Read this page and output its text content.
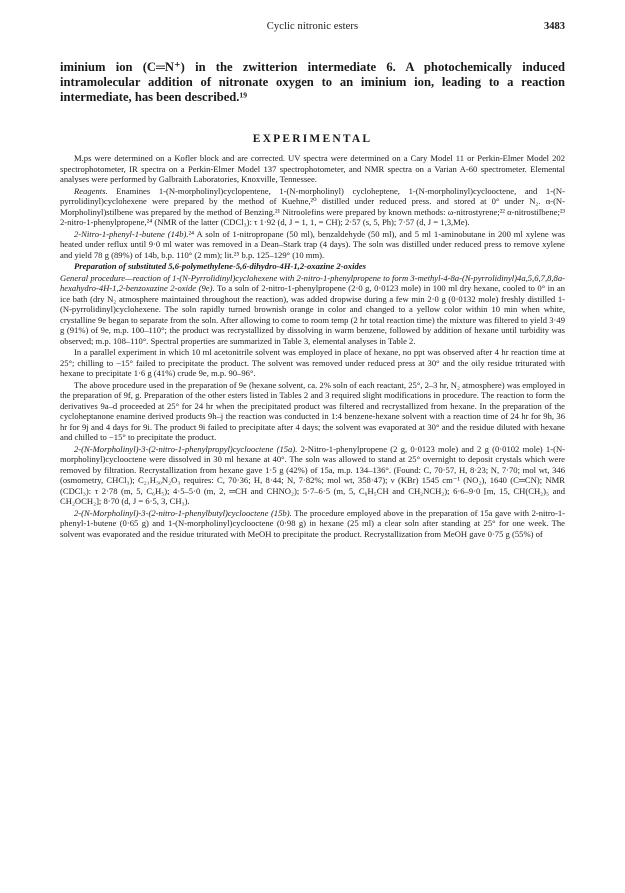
Cyclic nitronic esters	3483
iminium ion (C═N⁺) in the zwitterion intermediate 6. A photochemically induced intramolecular addition of nitronate oxygen to an iminium ion, leading to a reaction intermediate, has been described.¹⁹
EXPERIMENTAL

M.ps were determined on a Kofler block and are corrected. UV spectra were determined on a Cary Model 11 or Perkin-Elmer Model 202 spectrophotometer, IR spectra on a Perkin-Elmer Model 137 spectrophotometer, and NMR spectra on a Varian A-60 spectrometer. Elemental analyses were performed by Galbraith Laboratories, Knoxville, Tennessee.

Reagents. Enamines 1-(N-morpholinyl)cyclopentene, 1-(N-morpholinyl) cycloheptene, 1-(N-morpholinyl)cyclooctene, and 1-(N-pyrrolidinyl)cyclohexene were prepared by the method of Kuehne,²⁰ distilled under reduced press. and stored at 0° under N₂. α-(N-Morpholinyl)stilbene was prepared by the method of Benzing.²¹ Nitroolefins were prepared by known methods: ω-nitrostyrene;²² α-nitrostilbene;²³ 2-nitro-1-phenylpropene,²⁴ (NMR of the latter (CDCl₃): τ 1·92 (d, J = 1, 1, = CH); 2·57 (s, 5, Ph); 7·57 (d, J = 1,3,Me).

2-Nitro-1-phenyl-1-butene (14b).²⁴ A soln of 1-nitropropane (50 ml), benzaldehyde (50 ml), and 5 ml 1-aminobutane in 200 ml xylene was heated under reflux until 9·0 ml water was removed in a Dean–Stark trap (4 days). The soln was distilled under reduced press to remove xylene and yield 78 g (89%) of 14b, b.p. 110° (2 mm); lit.²⁵ b.p. 125–129° (10 mm).

Preparation of substituted 5,6-polymethylene-5,6-dihydro-4H-1,2-oxazine 2-oxides

General procedure—reaction of 1-(N-Pyrrolidinyl)cyclohexene with 2-nitro-1-phenylpropene to form 3-methyl-4-8a-(N-pyrrolidinyl)4a,5,6,7,8,8a-hexahydro-4H-1,2-benzoxazine 2-oxide (9e). To a soln of 2-nitro-1-phenylpropene (2·0 g, 0·0123 mole) in 100 ml dry hexane, cooled to 0° in an ice bath (dry N₂ atmosphere maintained throughout the reaction), was added dropwise during a few min 2·0 g (0·0132 mole) freshly distilled 1-(N-pyrrolidinyl)cyclohexene. The soln rapidly turned brownish orange in color and changed to a yellow color within 10 min when white, crystalline 9e began to separate from the soln. After allowing to come to room temp (2 hr total reaction time) the mixture was filtered to yield 3·49 g (91%) of 9e, m.p. 100–110°; the product was recrystallized by dissolving in warm benzene, followed by addition of hexane until turbidity was observed; m.p. 108–110°. Spectral properties are summarized in Table 3, elemental analyses in Table 2.

In a parallel experiment in which 10 ml acetonitrile solvent was employed in place of hexane, no ppt was observed after 4 hr reaction time at 25°; chilling to −15° failed to precipitate the product. The solvent was removed under reduced press at 30° and the oily residue triturated with hexane to precipitate 1·6 g (41%) crude 9e, m.p. 90–96°.

The above procedure used in the preparation of 9e (hexane solvent, ca. 2% soln of each reactant, 25°, 2–3 hr, N₂ atmosphere) was employed in the preparation of 9f, g. Preparation of the other esters listed in Tables 2 and 3 required slight modifications in procedure. The reaction to form the derivatives 9a–d proceeded at 25° for 24 hr when the precipitated product was filtered and recrystallized from hexane. In the preparation of the cycloheptanone enamine derived products 9h–j the reaction was conducted in 1:4 benzene-hexane solvent with a reaction time of 24 hr for 9h, 36 hr for 9j and 4 days for 9i. The product 9i failed to precipitate after 4 days; the solvent was evaporated at 30° and the residue diluted with hexane and chilled to −15° to precipitate the product.

2-(N-Morpholinyl)-3-(2-nitro-1-phenylpropyl)cyclooctene (15a). 2-Nitro-1-phenylpropene (2 g, 0·0123 mole) and 2 g (0·0102 mole) 1-(N-morpholinyl)cyclooctene were dissolved in 30 ml hexane at 40°. The soln was allowed to stand at 25° overnight to deposit crystals which were removed by filtration. Recrystallization from hexane gave 1·5 g (42%) of 15a, m.p. 134–136°. (Found: C, 70·57, H, 8·23; N, 7·70; mol wt, 346 (osmometry, CHCl₃); C₂₁H₃₀N₂O₃ requires: C, 70·36; H, 8·44; N, 7·82%; mol wt, 358·47); ν (KBr) 1545 cm⁻¹ (NO₂), 1640 (C═CN); NMR (CDCl₃): τ 2·78 (m, 5, C₆H₅); 4·5–5·0 (m, 2, ═CH and CHNO₂); 5·7–6·5 (m, 5, C₆H₅CH and CH₂NCH₂); 6·6–9·0 [m, 15, CH(CH₂)₅ and CH₂OCH₂]; 8·70 (d, J = 6·5, 3, CH₃).

2-(N-Morpholinyl)-3-(2-nitro-1-phenylbutyl)cyclooctene (15b). The procedure employed above in the preparation of 15a gave with 2-nitro-1-phenyl-1-butene (0·65 g) and 1-(N-morpholinyl)cyclooctene (0·98 g) in hexane (25 ml) a clear soln after standing at 25° for one week. The solvent was evaporated and the residue triturated with MeOH to precipitate the product. Recrystallization from MeOH gave 0·75 g (55%) of
